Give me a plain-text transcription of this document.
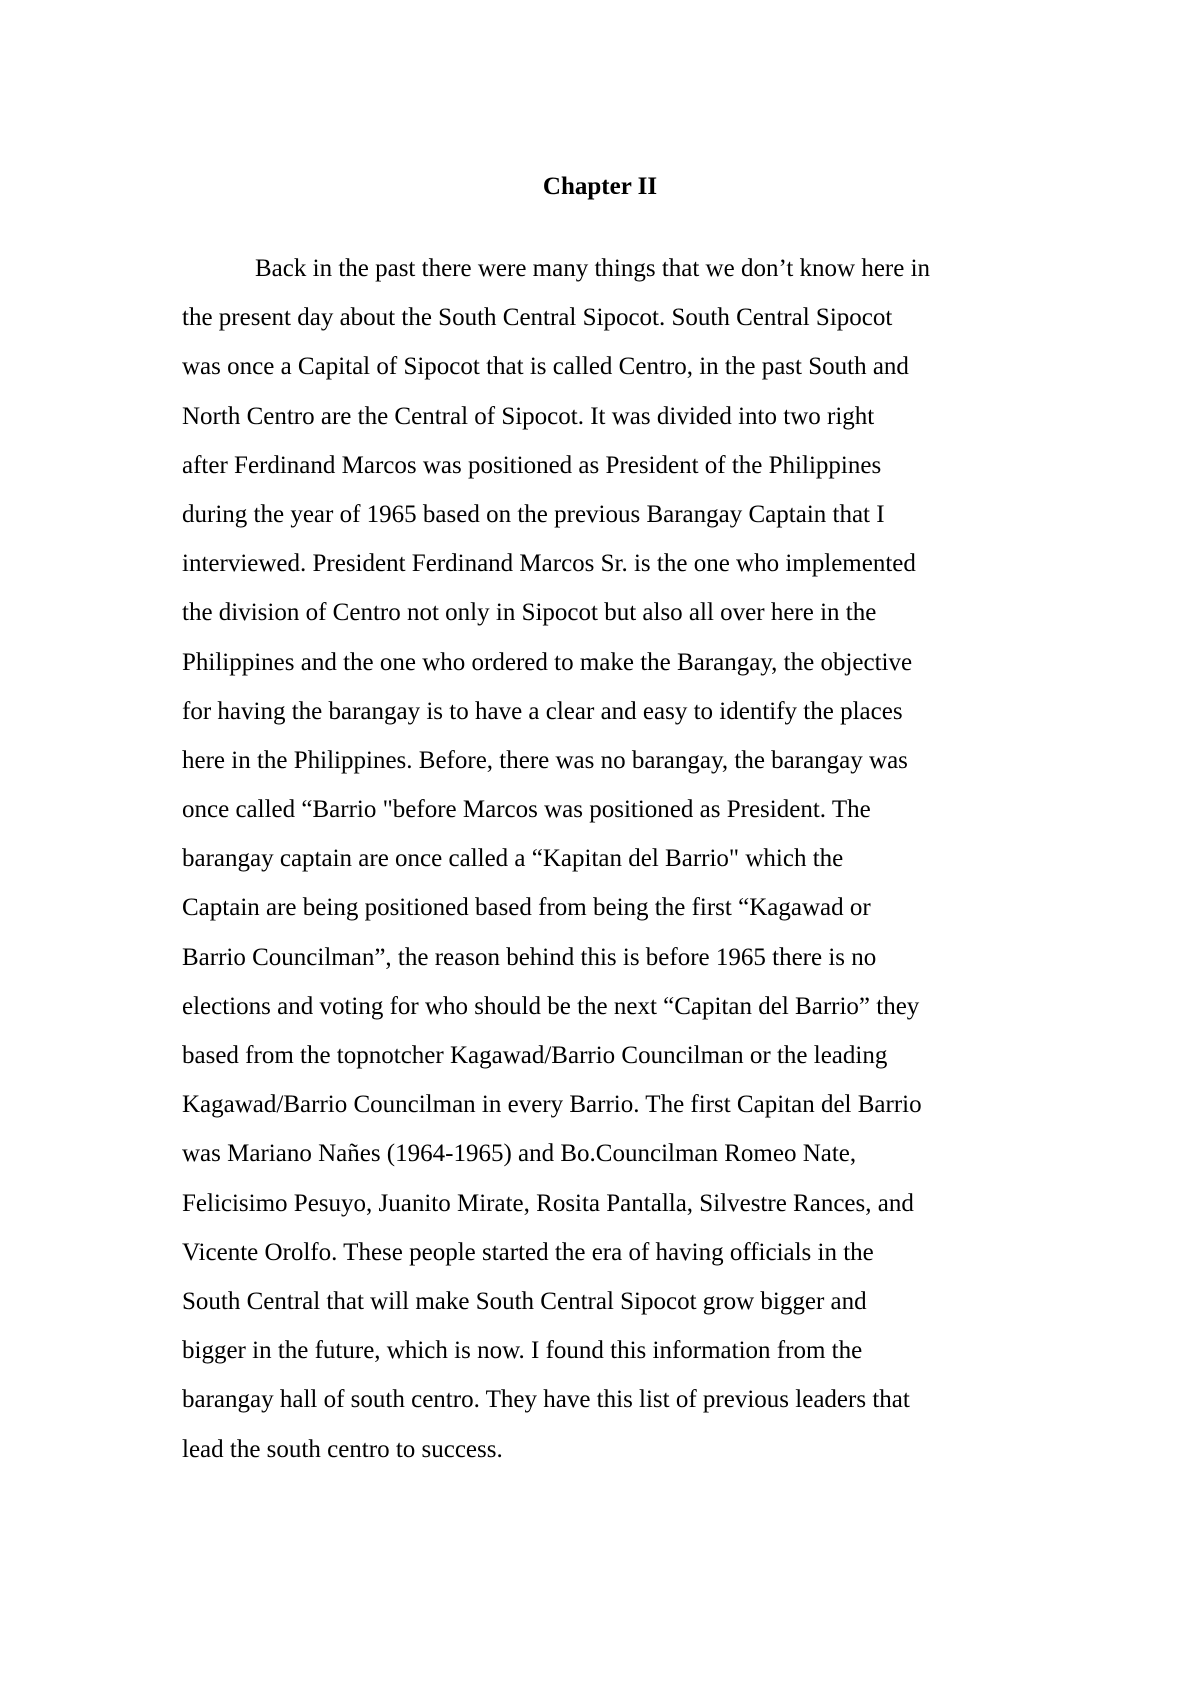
Chapter II
Back in the past there were many things that we don’t know here in
the present day about the South Central Sipocot. South Central Sipocot
was once a Capital of Sipocot that is called Centro, in the past South and
North Centro are the Central of Sipocot. It was divided into two right
after Ferdinand Marcos was positioned as President of the Philippines
during the year of 1965 based on the previous Barangay Captain that I
interviewed. President Ferdinand Marcos Sr. is the one who implemented
the division of Centro not only in Sipocot but also all over here in the
Philippines and the one who ordered to make the Barangay, the objective
for having the barangay is to have a clear and easy to identify the places
here in the Philippines. Before, there was no barangay, the barangay was
once called “Barrio "before Marcos was positioned as President. The
barangay captain are once called a “Kapitan del Barrio" which the
Captain are being positioned based from being the first “Kagawad or
Barrio Councilman”, the reason behind this is before 1965 there is no
elections and voting for who should be the next “Capitan del Barrio” they
based from the topnotcher Kagawad/Barrio Councilman or the leading
Kagawad/Barrio Councilman in every Barrio. The first Capitan del Barrio
was Mariano Nañes (1964-1965) and Bo.Councilman Romeo Nate,
Felicisimo Pesuyo, Juanito Mirate, Rosita Pantalla, Silvestre Rances, and
Vicente Orolfo. These people started the era of having officials in the
South Central that will make South Central Sipocot grow bigger and
bigger in the future, which is now. I found this information from the
barangay hall of south centro. They have this list of previous leaders that
lead the south centro to success.
